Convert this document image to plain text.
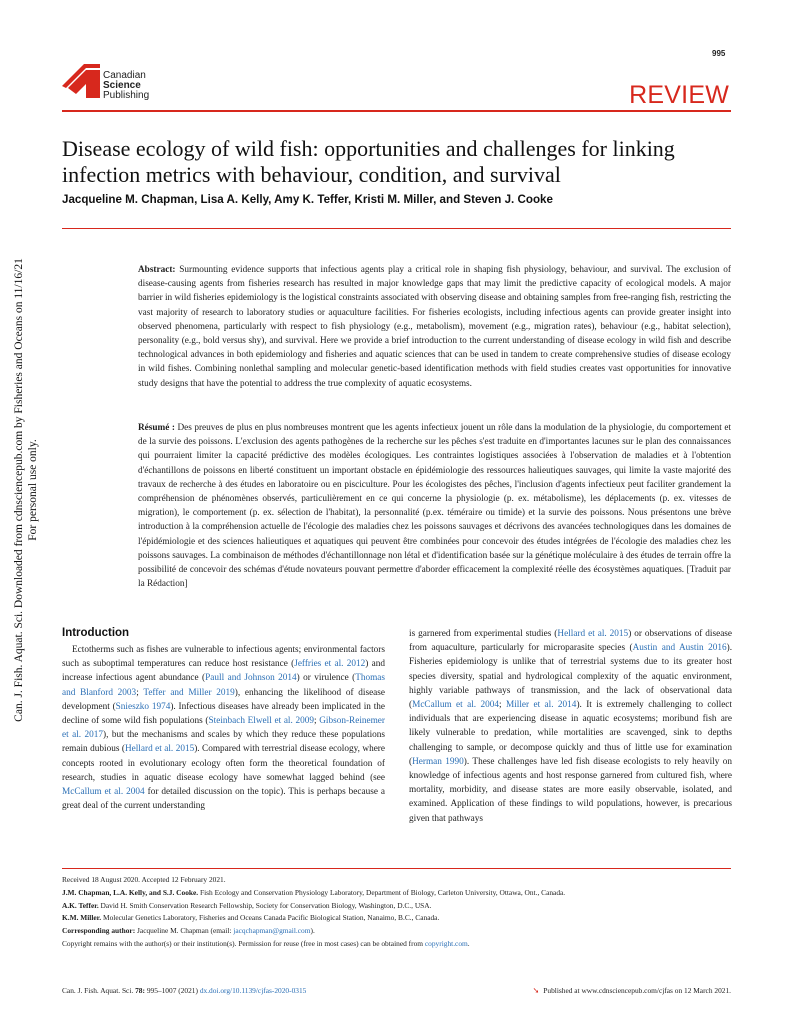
995
Canadian
Science
Publishing	REVIEW
Disease ecology of wild fish: opportunities and challenges for linking infection metrics with behaviour, condition, and survival
Jacqueline M. Chapman, Lisa A. Kelly, Amy K. Teffer, Kristi M. Miller, and Steven J. Cooke
Can. J. Fish. Aquat. Sci. Downloaded from cdnsciencepub.com by Fisheries and Oceans on 11/16/21 For personal use only.
Abstract: Surmounting evidence supports that infectious agents play a critical role in shaping fish physiology, behaviour, and survival. The exclusion of disease-causing agents from fisheries research has resulted in major knowledge gaps that may limit the predictive capacity of ecological models. A major barrier in wild fisheries epidemiology is the logistical constraints associated with observing disease and obtaining samples from free-ranging fish, restricting the vast majority of research to laboratory studies or aquaculture facilities. For fisheries ecologists, including infectious agents can provide greater insight into observed phenomena, particularly with respect to fish physiology (e.g., metabolism), movement (e.g., migration rates), behaviour (e.g., habitat selection), personality (e.g., bold versus shy), and survival. Here we provide a brief introduction to the current understanding of disease ecology in wild fish and describe technological advances in both epidemiology and fisheries and aquatic sciences that can be used in tandem to create comprehensive studies of disease ecology in wild fishes. Combining nonlethal sampling and molecular genetic-based identification methods with field studies creates vast opportunities for innovative study designs that have the potential to address the true complexity of aquatic ecosystems.
Résumé : Des preuves de plus en plus nombreuses montrent que les agents infectieux jouent un rôle dans la modulation de la physiologie, du comportement et de la survie des poissons. L'exclusion des agents pathogènes de la recherche sur les pêches s'est traduite en d'importantes lacunes sur le plan des connaissances qui pourraient limiter la capacité prédictive des modèles écologiques. Les contraintes logistiques associées à l'observation de maladies et à l'obtention d'échantillons de poissons en liberté constituent un important obstacle en épidémiologie des ressources halieutiques sauvages, qui limite la vaste majorité des travaux de recherche à des études en laboratoire ou en pisciculture. Pour les écologistes des pêches, l'inclusion d'agents infectieux peut faciliter grandement la compréhension de phénomènes observés, particulièrement en ce qui concerne la physiologie (p. ex. métabolisme), les déplacements (p. ex. vitesses de migration), le comportement (p. ex. sélection de l'habitat), la personnalité (p.ex. téméraire ou timide) et la survie des poissons. Nous présentons une brève introduction à la compréhension actuelle de l'écologie des maladies chez les poissons sauvages et décrivons des avancées technologiques dans les domaines de l'épidémiologie et des sciences halieutiques et aquatiques qui peuvent être combinées pour concevoir des études intégrées de l'écologie des maladies chez les poissons sauvages. La combinaison de méthodes d'échantillonnage non létal et d'identification basée sur la génétique moléculaire à des études de terrain offre la possibilité de concevoir des schémas d'étude novateurs pouvant permettre d'aborder efficacement la complexité réelle des écosystèmes aquatiques. [Traduit par la Rédaction]
Introduction
Ectotherms such as fishes are vulnerable to infectious agents; environmental factors such as suboptimal temperatures can reduce host resistance (Jeffries et al. 2012) and increase infectious agent abundance (Paull and Johnson 2014) or virulence (Thomas and Blanford 2003; Teffer and Miller 2019), enhancing the likelihood of disease development (Snieszko 1974). Infectious diseases have already been implicated in the decline of some wild fish populations (Steinbach Elwell et al. 2009; Gibson-Reinemer et al. 2017), but the mechanisms and scales by which they reduce these populations remain dubious (Hellard et al. 2015). Compared with terrestrial disease ecology, where concepts rooted in evolutionary ecology often form the theoretical foundation of research, studies in aquatic disease ecology have somewhat lagged behind (see McCallum et al. 2004 for detailed discussion on the topic). This is perhaps because a great deal of the current understanding
is garnered from experimental studies (Hellard et al. 2015) or observations of disease from aquaculture, particularly for microparasite species (Austin and Austin 2016). Fisheries epidemiology is unlike that of terrestrial systems due to its greater host species diversity, spatial and hydrological complexity of the aquatic environment, highly variable pathways of transmission, and the lack of observational data (McCallum et al. 2004; Miller et al. 2014). It is extremely challenging to collect individuals that are experiencing disease in aquatic ecosystems; moribund fish are likely vulnerable to predation, while mortalities are scavenged, sink to depths challenging to sample, or decompose quickly and thus of little use for examination (Herman 1990). These challenges have led fish disease ecologists to rely heavily on knowledge of infectious agents and host response garnered from cultured fish, where mortality, morbidity, and disease states are more easily observable, isolated, and examined. Application of these findings to wild populations, however, is precarious given that pathways
Received 18 August 2020. Accepted 12 February 2021.
J.M. Chapman, L.A. Kelly, and S.J. Cooke. Fish Ecology and Conservation Physiology Laboratory, Department of Biology, Carleton University, Ottawa, Ont., Canada.
A.K. Teffer. David H. Smith Conservation Research Fellowship, Society for Conservation Biology, Washington, D.C., USA.
K.M. Miller. Molecular Genetics Laboratory, Fisheries and Oceans Canada Pacific Biological Station, Nanaimo, B.C., Canada.
Corresponding author: Jacqueline M. Chapman (email: jacqchapman@gmail.com).
Copyright remains with the author(s) or their institution(s). Permission for reuse (free in most cases) can be obtained from copyright.com.
Can. J. Fish. Aquat. Sci. 78: 995–1007 (2021) dx.doi.org/10.1139/cjfas-2020-0315	➘ Published at www.cdnsciencepub.com/cjfas on 12 March 2021.
